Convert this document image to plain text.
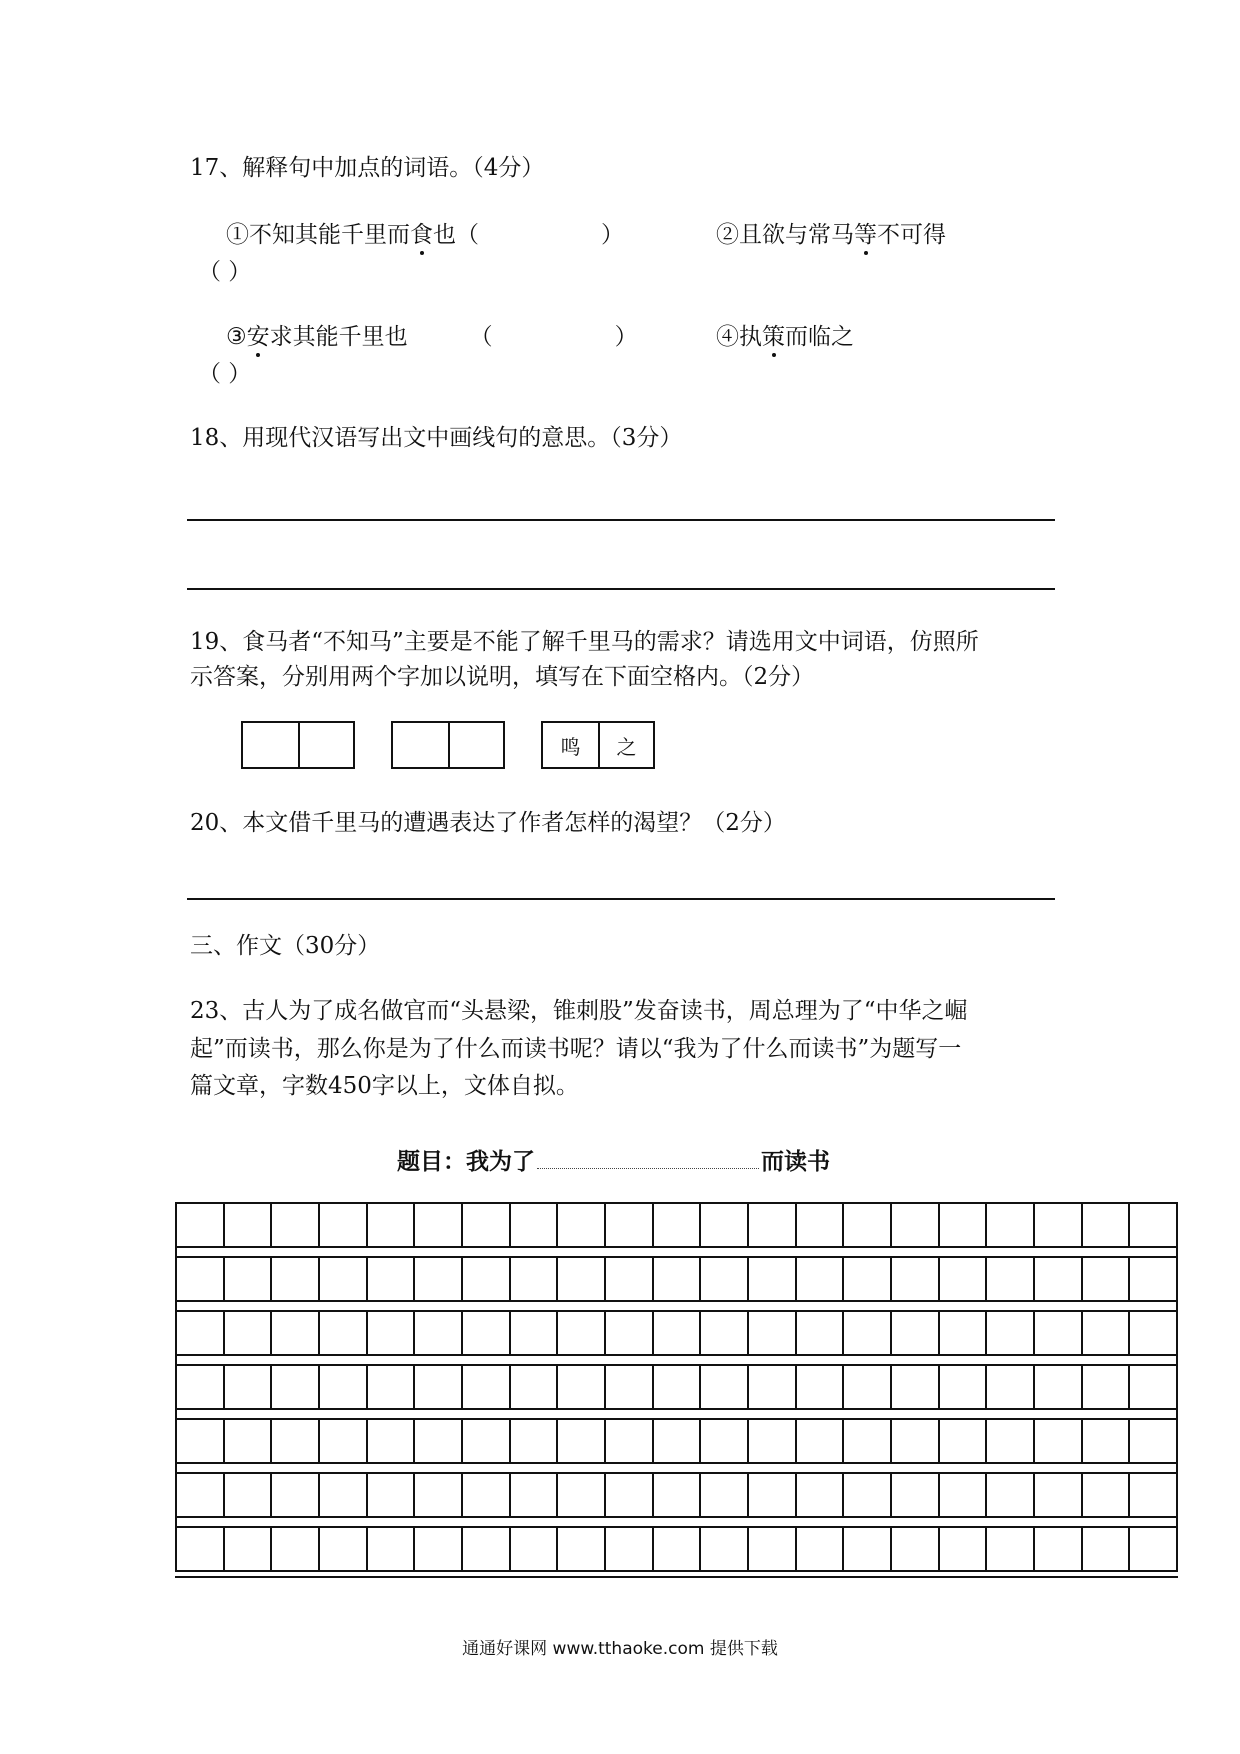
17、解释句中加点的词语。（4分）
①不知其能千里而食也（	）	②且欲与常马等不可得
（ ）
③安求其能千里也	（	）	④执策而临之
（ ）
18、用现代汉语写出文中画线句的意思。（3分）
19、食马者“不知马”主要是不能了解千里马的需求？请选用文中词语，仿照所
示答案，分别用两个字加以说明，填写在下面空格内。（2分）
鸣	之
20、本文借千里马的遭遇表达了作者怎样的渴望？（2分）
三、作文（30分）
23、古人为了成名做官而“头悬梁，锥刺股”发奋读书，周总理为了“中华之崛
起”而读书，那么你是为了什么而读书呢？请以“我为了什么而读书”为题写一
篇文章，字数450字以上，文体自拟。
题目：我为了	而读书
通通好课网 www.tthaoke.com 提供下载
